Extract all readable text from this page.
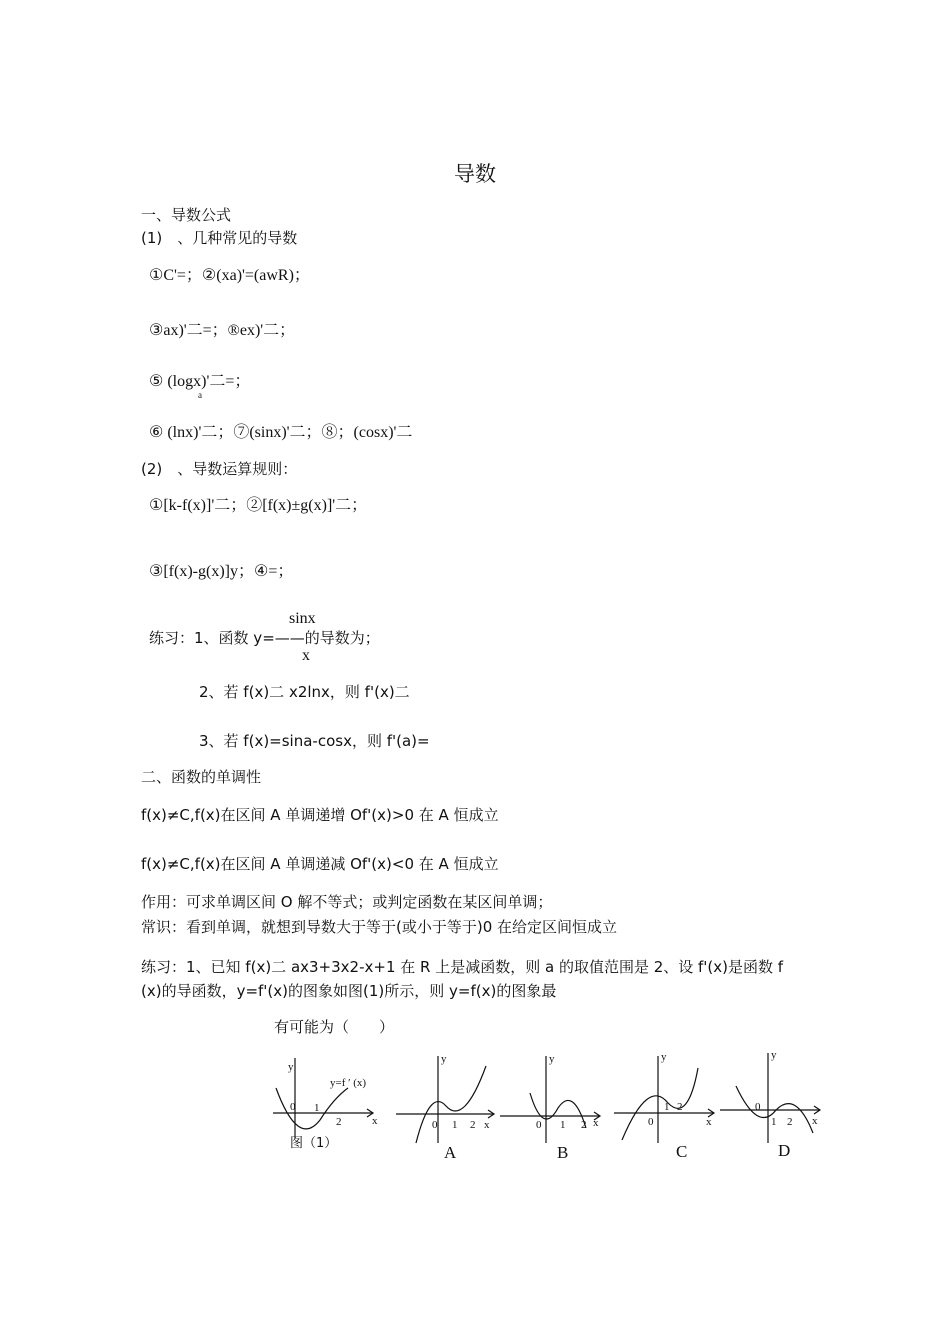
导数
一、导数公式
(1)　、几种常见的导数
①C'=；②(xa)'=(awR)；
③ax)'二=；®ex)'二；
⑤ (logx)'二=；
a
⑥ (lnx)'二；⑦(sinx)'二；⑧；(cosx)'二
(2)　、导数运算规则：
①[k-f(x)]'二；②[f(x)±g(x)]'二；
③[f(x)-g(x)]y；④=；
sinx
练习：1、函数 y=——的导数为；
x
2、若 f(x)二 x2lnx，则 f'(x)二
3、若 f(x)=sina-cosx，则 f'(a)=
二、函数的单调性
f(x)≠C,f(x)在区间 A 单调递增 Of'(x)>0 在 A 恒成立
f(x)≠C,f(x)在区间 A 单调递减 Of'(x)<0 在 A 恒成立
作用：可求单调区间 O 解不等式；或判定函数在某区间单调；
常识：看到单调，就想到导数大于等于(或小于等于)0 在给定区间恒成立
练习：1、已知 f(x)二 ax3+3x2-x+1 在 R 上是减函数，则 a 的取值范围是 2、设 f'(x)是函数 f
(x)的导函数，y=f'(x)的图象如图(1)所示，则 y=f(x)的图象最
有可能为（　　）
y
y=f ′ (x)
0 1
2	x
图（1）
y
0 1 2 x
A
y
0 1 2 x
B
y
0
1 2
x
C
y
0
1 2 x
D
